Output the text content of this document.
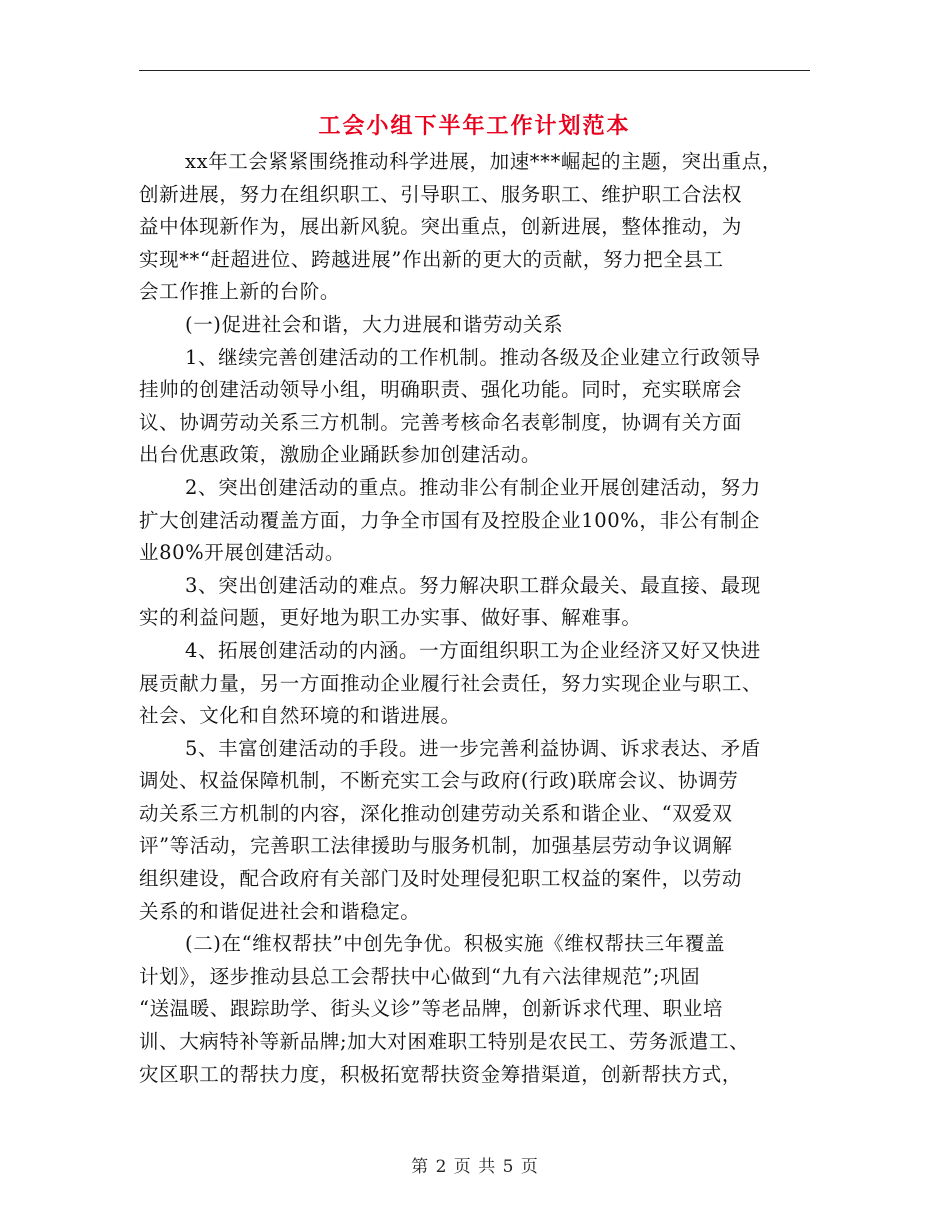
工会小组下半年工作计划范本
xx年工会紧紧围绕推动科学进展，加速***崛起的主题，突出重点，
创新进展，努力在组织职工、引导职工、服务职工、维护职工合法权
益中体现新作为，展出新风貌。突出重点，创新进展，整体推动，为
实现**“赶超进位、跨越进展”作出新的更大的贡献，努力把全县工
会工作推上新的台阶。
(一)促进社会和谐，大力进展和谐劳动关系
1、继续完善创建活动的工作机制。推动各级及企业建立行政领导
挂帅的创建活动领导小组，明确职责、强化功能。同时，充实联席会
议、协调劳动关系三方机制。完善考核命名表彰制度，协调有关方面
出台优惠政策，激励企业踊跃参加创建活动。
2、突出创建活动的重点。推动非公有制企业开展创建活动，努力
扩大创建活动覆盖方面，力争全市国有及控股企业100%，非公有制企
业80%开展创建活动。
3、突出创建活动的难点。努力解决职工群众最关、最直接、最现
实的利益问题，更好地为职工办实事、做好事、解难事。
4、拓展创建活动的内涵。一方面组织职工为企业经济又好又快进
展贡献力量，另一方面推动企业履行社会责任，努力实现企业与职工、
社会、文化和自然环境的和谐进展。
5、丰富创建活动的手段。进一步完善利益协调、诉求表达、矛盾
调处、权益保障机制，不断充实工会与政府(行政)联席会议、协调劳
动关系三方机制的内容，深化推动创建劳动关系和谐企业、“双爱双
评”等活动，完善职工法律援助与服务机制，加强基层劳动争议调解
组织建设，配合政府有关部门及时处理侵犯职工权益的案件，以劳动
关系的和谐促进社会和谐稳定。
(二)在“维权帮扶”中创先争优。积极实施《维权帮扶三年覆盖
计划》，逐步推动县总工会帮扶中心做到“九有六法律规范”;巩固
“送温暖、跟踪助学、街头义诊”等老品牌，创新诉求代理、职业培
训、大病特补等新品牌;加大对困难职工特别是农民工、劳务派遣工、
灾区职工的帮扶力度，积极拓宽帮扶资金筹措渠道，创新帮扶方式，
第 2 页 共 5 页
